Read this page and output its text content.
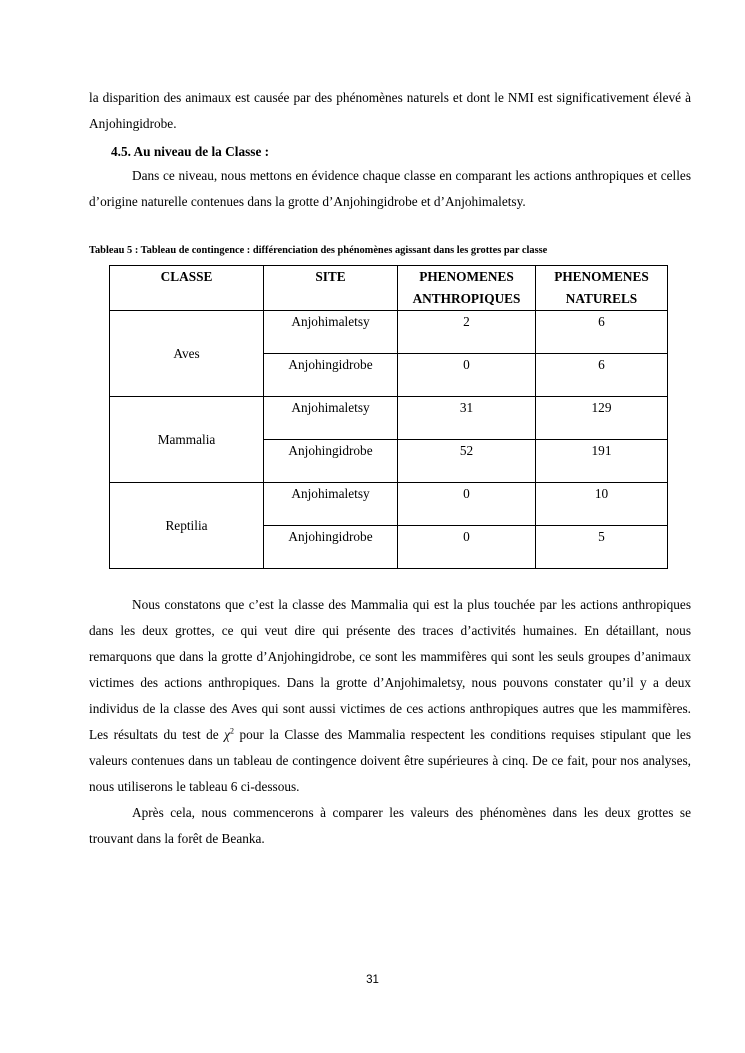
la disparition des animaux est causée par des phénomènes naturels et dont le NMI est significativement élevé à Anjohingidrobe.

4.5. Au niveau de la Classe :

Dans ce niveau, nous mettons en évidence chaque classe en comparant les actions anthropiques et celles d’origine naturelle contenues dans la grotte d’Anjohingidrobe et d’Anjohimaletsy.

Tableau 5 : Tableau de contingence : différenciation des phénomènes agissant dans les grottes par classe

CLASSE	SITE	PHENOMENES ANTHROPIQUES	PHENOMENES NATURELS
Aves	Anjohimaletsy	2	6
	Anjohingidrobe	0	6
Mammalia	Anjohimaletsy	31	129
	Anjohingidrobe	52	191
Reptilia	Anjohimaletsy	0	10
	Anjohingidrobe	0	5

Nous constatons que c’est la classe des Mammalia qui est la plus touchée par les actions anthropiques dans les deux grottes, ce qui veut dire qui présente des traces d’activités humaines. En détaillant, nous remarquons que dans la grotte d’Anjohingidrobe, ce sont les mammifères qui sont les seuls groupes d’animaux victimes des actions anthropiques. Dans la grotte d’Anjohimaletsy, nous pouvons constater qu’il y a deux individus de la classe des Aves qui sont aussi victimes de ces actions anthropiques autres que les mammifères. Les résultats du test de $\chi^2$ pour la Classe des Mammalia respectent les conditions requises stipulant que les valeurs contenues dans un tableau de contingence doivent être supérieures à cinq. De ce fait, pour nos analyses, nous utiliserons le tableau 6 ci-dessous.

Après cela, nous commencerons à comparer les valeurs des phénomènes dans les deux grottes se trouvant dans la forêt de Beanka.

31
